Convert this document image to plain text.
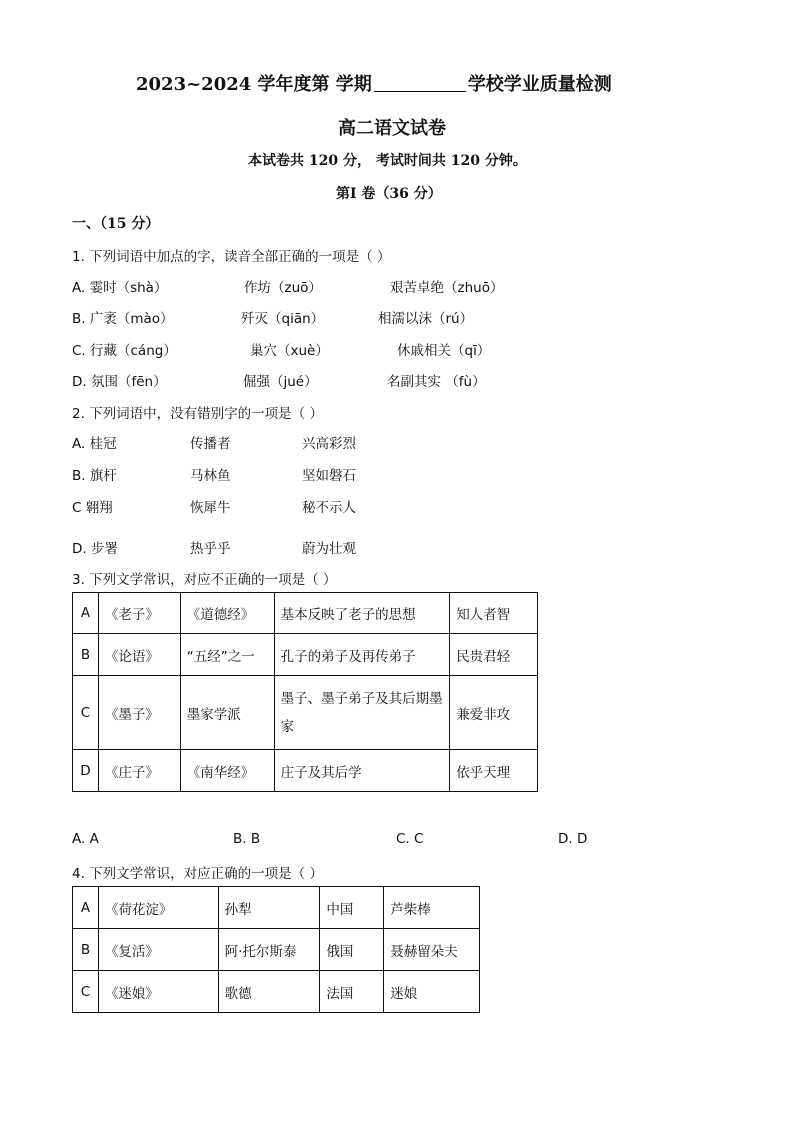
2023~2024 学年度第 学期	学校学业质量检测
高二语文试卷
本试卷共 120 分， 考试时间共 120 分钟。
第Ⅰ 卷（36 分）
一、（15 分）
1. 下列词语中加点的字，读音全部正确的一项是（ ）
A. 霎时（shà）	作坊（zuō）	艰苦卓绝（zhuō）
B. 广袤（mào）	歼灭（qiān）	相濡以沫（rú）
C. 行藏（cáng）	巢穴（xuè）	休戚相关（qī）
D. 氛围（fēn）	倔强（jué）	名副其实 （fù）
2. 下列词语中，没有错别字的一项是（ ）
A. 桂冠	传播者	兴高彩烈
B. 旗杆	马林鱼	坚如磐石
C 翱翔	恢犀牛	秘不示人
D. 步署	热乎乎	蔚为壮观
3. 下列文学常识，对应不正确的一项是（ ）
A	《老子》	《道德经》	基本反映了老子的思想	知人者智
B	《论语》	“五经”之一	孔子的弟子及再传弟子	民贵君轻
C	《墨子》	墨家学派	墨子、墨子弟子及其后期墨家	兼爱非攻
D	《庄子》	《南华经》	庄子及其后学	依乎天理
A. A	B. B	C. C	D. D
4. 下列文学常识，对应正确的一项是（ ）
A	《荷花淀》	孙犁	中国	芦柴棒
B	《复活》	阿·托尔斯泰	俄国	聂赫留朵夫
C	《迷娘》	歌德	法国	迷娘
